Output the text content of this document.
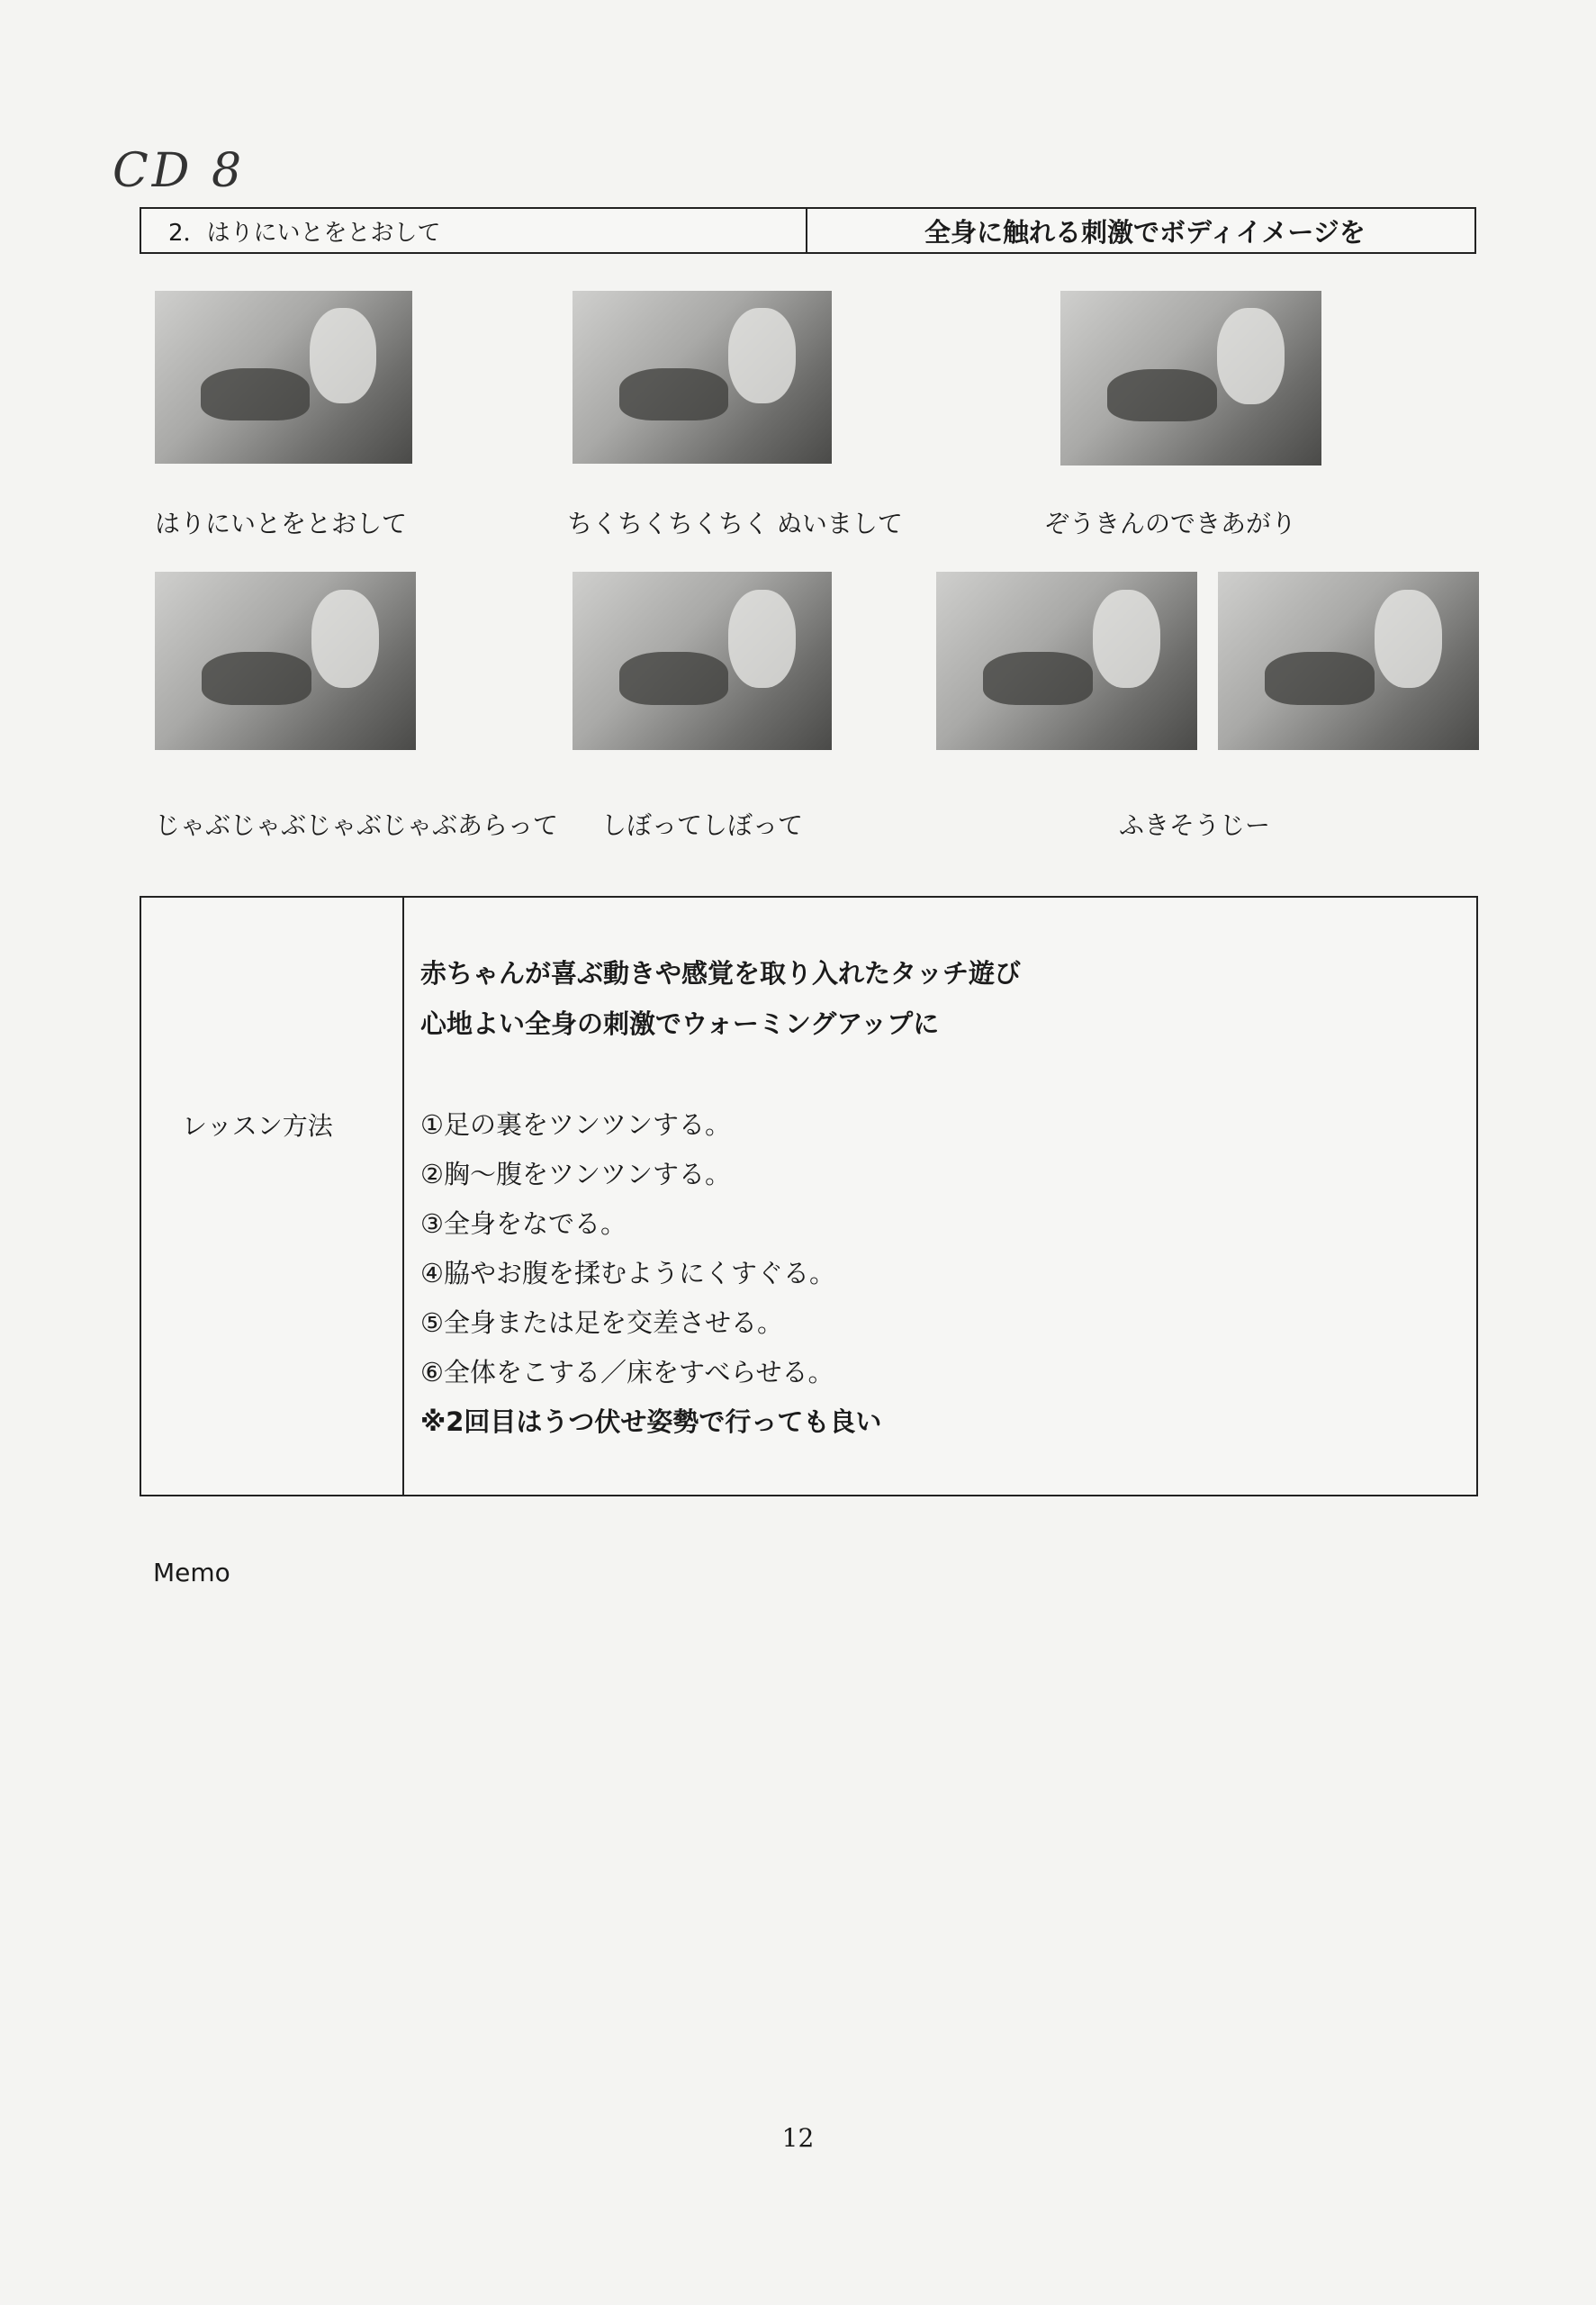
CD 8
2．はりにいとをとおして	全身に触れる刺激でボディイメージを
はりにいとをとおして	ちくちくちくちく ぬいまして	ぞうきんのできあがり
じゃぶじゃぶじゃぶじゃぶあらって しぼってしぼって	ふきそうじー
レッスン方法
赤ちゃんが喜ぶ動きや感覚を取り入れたタッチ遊び
心地よい全身の刺激でウォーミングアップに
①足の裏をツンツンする。
②胸～腹をツンツンする。
③全身をなでる。
④脇やお腹を揉むようにくすぐる。
⑤全身または足を交差させる。
⑥全体をこする／床をすべらせる。
※2回目はうつ伏せ姿勢で行っても良い
Memo
12
